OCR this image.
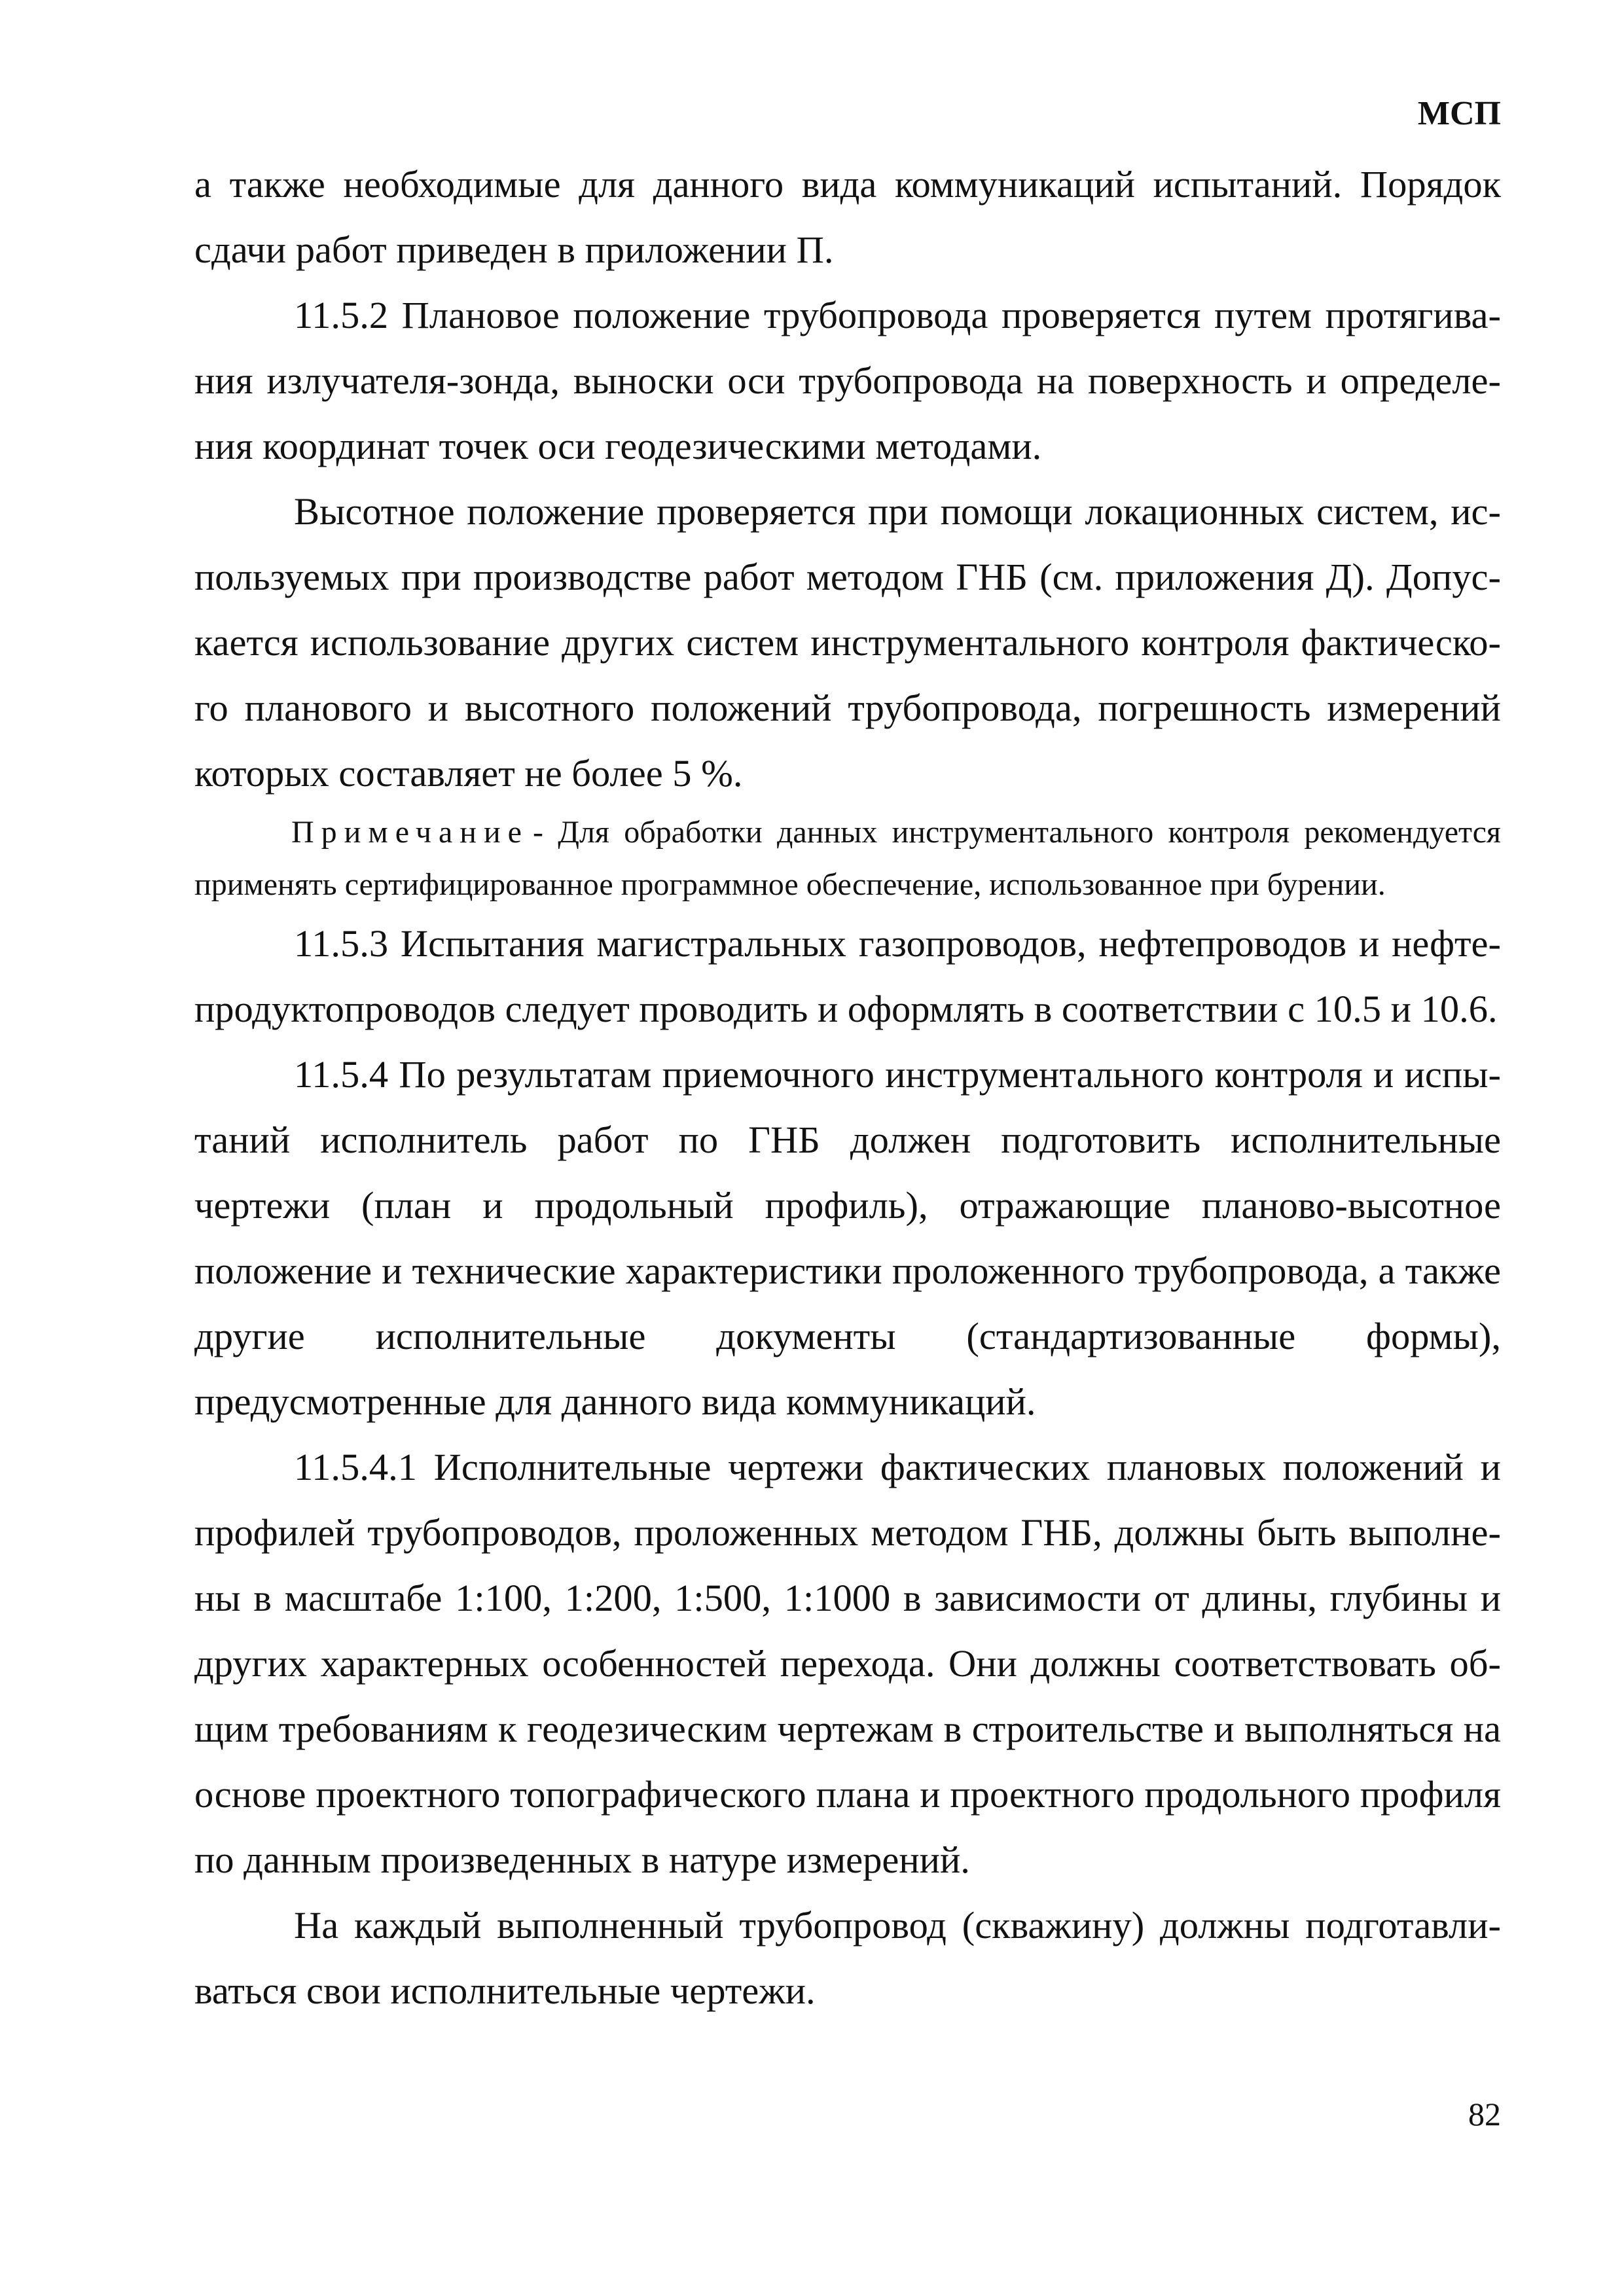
МСП

а также необходимые для данного вида коммуникаций испытаний. Порядок сдачи работ приведен в приложении П.

11.5.2 Плановое положение трубопровода проверяется путем протягивания излучателя-зонда, выноски оси трубопровода на поверхность и определения координат точек оси геодезическими методами.

Высотное положение проверяется при помощи локационных систем, используемых при производстве работ методом ГНБ (см. приложения Д). Допускается использование других систем инструментального контроля фактического планового и высотного положений трубопровода, погрешность измерений которых составляет не более 5 %.

Примечание - Для обработки данных инструментального контроля рекомендуется применять сертифицированное программное обеспечение, использованное при бурении.

11.5.3 Испытания магистральных газопроводов, нефтепроводов и нефтепродуктопроводов следует проводить и оформлять в соответствии с 10.5 и 10.6.

11.5.4 По результатам приемочного инструментального контроля и испытаний исполнитель работ по ГНБ должен подготовить исполнительные чертежи (план и продольный профиль), отражающие планово-высотное положение и технические характеристики проложенного трубопровода, а также другие исполнительные документы (стандартизованные формы), предусмотренные для данного вида коммуникаций.

11.5.4.1 Исполнительные чертежи фактических плановых положений и профилей трубопроводов, проложенных методом ГНБ, должны быть выполнены в масштабе 1:100, 1:200, 1:500, 1:1000 в зависимости от длины, глубины и других характерных особенностей перехода. Они должны соответствовать общим требованиям к геодезическим чертежам в строительстве и выполняться на основе проектного топографического плана и проектного продольного профиля по данным произведенных в натуре измерений.

На каждый выполненный трубопровод (скважину) должны подготавливаться свои исполнительные чертежи.

82
